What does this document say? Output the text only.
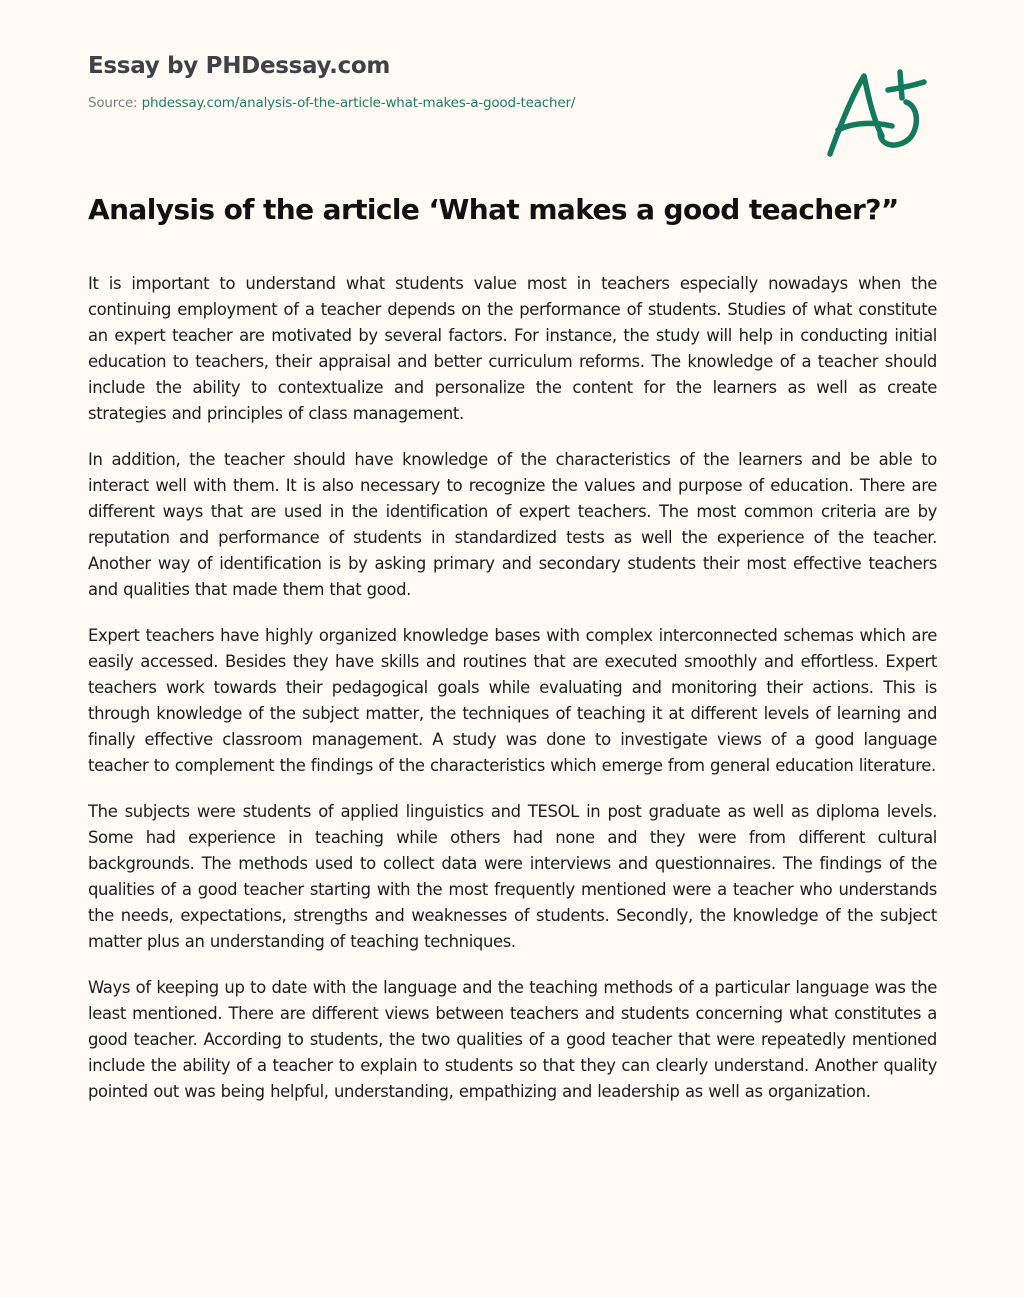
Essay by PHDessay.com
Source: phdessay.com/analysis-of-the-article-what-makes-a-good-teacher/
Analysis of the article ‘What makes a good teacher?”

It is important to understand what students value most in teachers especially nowadays when the continuing employment of a teacher depends on the performance of students. Studies of what constitute an expert teacher are motivated by several factors. For instance, the study will help in conducting initial education to teachers, their appraisal and better curriculum reforms. The knowledge of a teacher should include the ability to contextualize and personalize the content for the learners as well as create strategies and principles of class management.

In addition, the teacher should have knowledge of the characteristics of the learners and be able to interact well with them. It is also necessary to recognize the values and purpose of education. There are different ways that are used in the identification of expert teachers. The most common criteria are by reputation and performance of students in standardized tests as well the experience of the teacher. Another way of identification is by asking primary and secondary students their most effective teachers and qualities that made them that good.

Expert teachers have highly organized knowledge bases with complex interconnected schemas which are easily accessed. Besides they have skills and routines that are executed smoothly and effortless. Expert teachers work towards their pedagogical goals while evaluating and monitoring their actions. This is through knowledge of the subject matter, the techniques of teaching it at different levels of learning and finally effective classroom management. A study was done to investigate views of a good language teacher to complement the findings of the characteristics which emerge from general education literature.

The subjects were students of applied linguistics and TESOL in post graduate as well as diploma levels. Some had experience in teaching while others had none and they were from different cultural backgrounds. The methods used to collect data were interviews and questionnaires. The findings of the qualities of a good teacher starting with the most frequently mentioned were a teacher who understands the needs, expectations, strengths and weaknesses of students. Secondly, the knowledge of the subject matter plus an understanding of teaching techniques.

Ways of keeping up to date with the language and the teaching methods of a particular language was the least mentioned. There are different views between teachers and students concerning what constitutes a good teacher. According to students, the two qualities of a good teacher that were repeatedly mentioned include the ability of a teacher to explain to students so that they can clearly understand. Another quality pointed out was being helpful, understanding, empathizing and leadership as well as organization.
